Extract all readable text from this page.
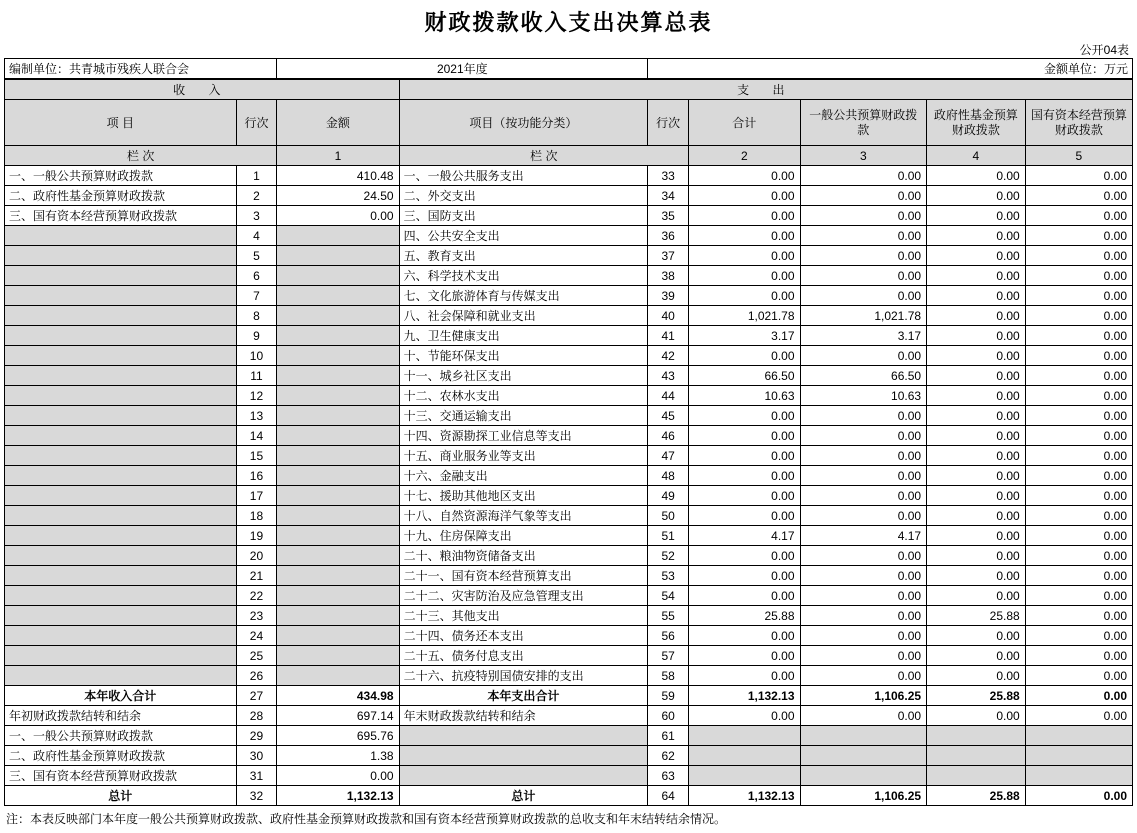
财政拨款收入支出决算总表
公开04表
编制单位：共青城市残疾人联合会	2021年度	金额单位：万元
收 入			支 出					
项 目	行次	金额	项目（按功能分类）	行次	合计	一般公共预算财政拨款	政府性基金预算财政拨款	国有资本经营预算财政拨款
栏 次		1	栏 次		2	3	4	5
一、一般公共预算财政拨款	1	410.48	一、一般公共服务支出	33	0.00	0.00	0.00	0.00
二、政府性基金预算财政拨款	2	24.50	二、外交支出	34	0.00	0.00	0.00	0.00
三、国有资本经营预算财政拨款	3	0.00	三、国防支出	35	0.00	0.00	0.00	0.00
	4		四、公共安全支出	36	0.00	0.00	0.00	0.00
	5		五、教育支出	37	0.00	0.00	0.00	0.00
	6		六、科学技术支出	38	0.00	0.00	0.00	0.00
	7		七、文化旅游体育与传媒支出	39	0.00	0.00	0.00	0.00
	8		八、社会保障和就业支出	40	1,021.78	1,021.78	0.00	0.00
	9		九、卫生健康支出	41	3.17	3.17	0.00	0.00
	10		十、节能环保支出	42	0.00	0.00	0.00	0.00
	11		十一、城乡社区支出	43	66.50	66.50	0.00	0.00
	12		十二、农林水支出	44	10.63	10.63	0.00	0.00
	13		十三、交通运输支出	45	0.00	0.00	0.00	0.00
	14		十四、资源勘探工业信息等支出	46	0.00	0.00	0.00	0.00
	15		十五、商业服务业等支出	47	0.00	0.00	0.00	0.00
	16		十六、金融支出	48	0.00	0.00	0.00	0.00
	17		十七、援助其他地区支出	49	0.00	0.00	0.00	0.00
	18		十八、自然资源海洋气象等支出	50	0.00	0.00	0.00	0.00
	19		十九、住房保障支出	51	4.17	4.17	0.00	0.00
	20		二十、粮油物资储备支出	52	0.00	0.00	0.00	0.00
	21		二十一、国有资本经营预算支出	53	0.00	0.00	0.00	0.00
	22		二十二、灾害防治及应急管理支出	54	0.00	0.00	0.00	0.00
	23		二十三、其他支出	55	25.88	0.00	25.88	0.00
	24		二十四、债务还本支出	56	0.00	0.00	0.00	0.00
	25		二十五、债务付息支出	57	0.00	0.00	0.00	0.00
	26		二十六、抗疫特别国债安排的支出	58	0.00	0.00	0.00	0.00
本年收入合计	27	434.98	本年支出合计	59	1,132.13	1,106.25	25.88	0.00
年初财政拨款结转和结余	28	697.14	年末财政拨款结转和结余	60	0.00	0.00	0.00	0.00
一、一般公共预算财政拨款	29	695.76		61				
二、政府性基金预算财政拨款	30	1.38		62				
三、国有资本经营预算财政拨款	31	0.00		63				
总计	32	1,132.13	总计	64	1,132.13	1,106.25	25.88	0.00
注：本表反映部门本年度一般公共预算财政拨款、政府性基金预算财政拨款和国有资本经营预算财政拨款的总收支和年末结转结余情况。
